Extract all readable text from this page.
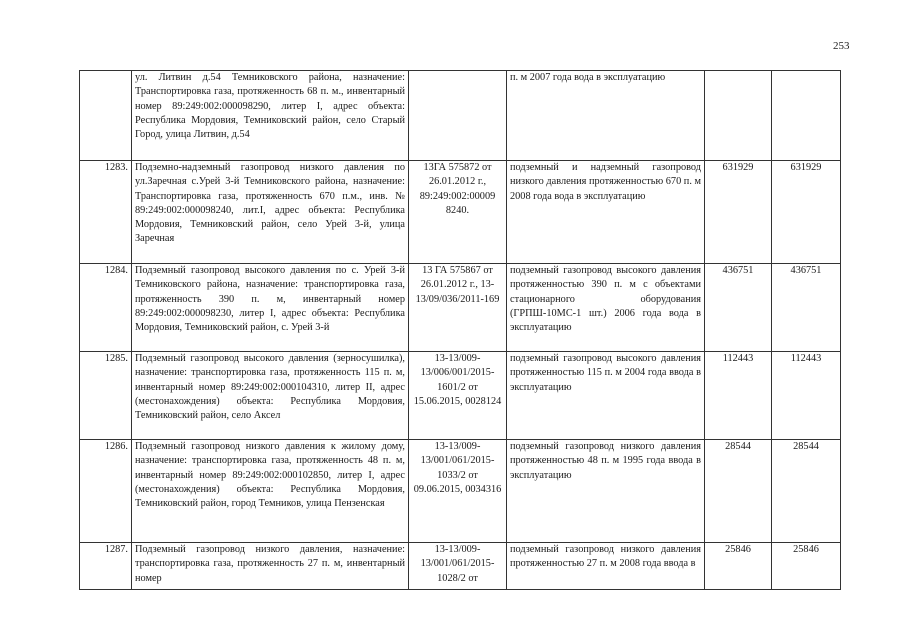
253
	ул. Литвин д.54 Темниковского района, назначение: Транспортировка газа, протяженность 68 п. м., инвентарный номер 89:249:002:000098290, литер I, адрес объекта: Республика Мордовия, Темниковский район, село Старый Город, улица Литвин, д.54		п. м 2007 года вода в эксплуатацию		
1283.	Подземно-надземный газопровод низкого давления по ул.Заречная с.Урей 3-й Темниковского района, назначение: Транспортировка газа, протяженность 670 п.м., инв. № 89:249:002:000098240, лит.I, адрес объекта: Республика Мордовия, Темниковский район, село Урей 3-й, улица Заречная	13ГА 575872 от 26.01.2012 г., 89:249:002:00009 8240.	подземный и надземный газопровод низкого давления протяженностью 670 п. м 2008 года вода в эксплуатацию	631929	631929
1284.	Подземный газопровод высокого давления по с. Урей 3-й Темниковского района, назначение: транспортировка газа, протяженность 390 п. м, инвентарный номер 89:249:002:000098230, литер I, адрес объекта: Республика Мордовия, Темниковский район, с. Урей 3-й	13 ГА 575867 от 26.01.2012 г., 13-13/09/036/2011-169	подземный газопровод высокого давления протяженностью 390 п. м с объектами стационарного оборудования (ГРПШ-10МС-1 шт.) 2006 года вода в эксплуатацию	436751	436751
1285.	Подземный газопровод высокого давления (зерносушилка), назначение: транспортировка газа, протяженность 115 п. м, инвентарный номер 89:249:002:000104310, литер II, адрес (местонахождения) объекта: Республика Мордовия, Темниковский район, село Аксел	13-13/009-13/006/001/2015-1601/2 от 15.06.2015, 0028124	подземный газопровод высокого давления протяженностью 115 п. м 2004 года ввода в эксплуатацию	112443	112443
1286.	Подземный газопровод низкого давления к жилому дому, назначение: транспортировка газа, протяженность 48 п. м, инвентарный номер 89:249:002:000102850, литер I, адрес (местонахождения) объекта: Республика Мордовия, Темниковский район, город Темников, улица Пензенская	13-13/009-13/001/061/2015-1033/2 от 09.06.2015, 0034316	подземный газопровод низкого давления протяженностью 48 п. м 1995 года ввода в эксплуатацию	28544	28544
1287.	Подземный газопровод низкого давления, назначение: транспортировка газа, протяженность 27 п. м, инвентарный номер	13-13/009-13/001/061/2015-1028/2 от	подземный газопровод низкого давления протяженностью 27 п. м 2008 года ввода в	25846	25846
